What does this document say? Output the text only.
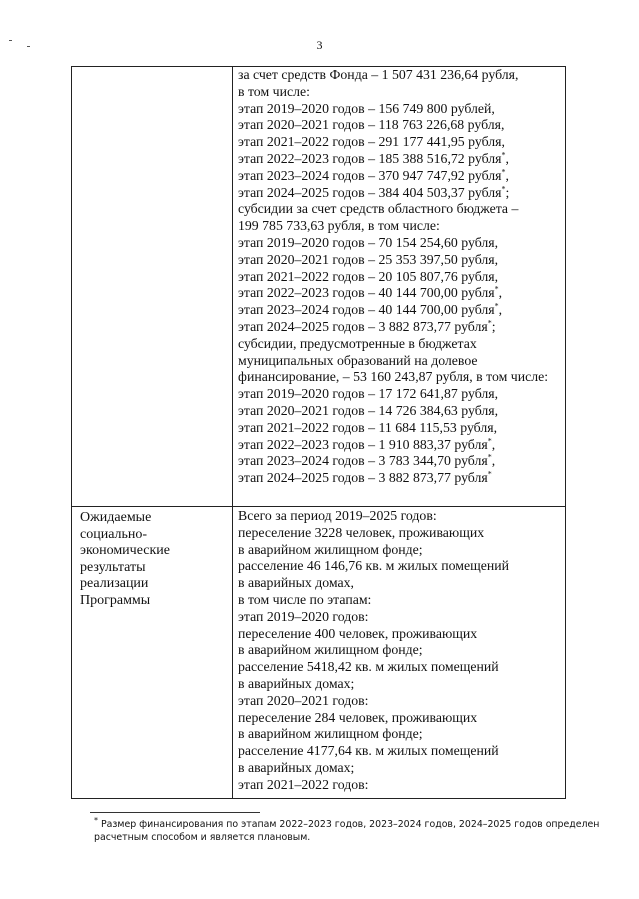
3
за счет средств Фонда – 1 507 431 236,64 рубля,
в том числе:
этап 2019–2020 годов – 156 749 800 рублей,
этап 2020–2021 годов – 118 763 226,68 рубля,
этап 2021–2022 годов – 291 177 441,95 рубля,
этап 2022–2023 годов – 185 388 516,72 рубля*,
этап 2023–2024 годов – 370 947 747,92 рубля*,
этап 2024–2025 годов – 384 404 503,37 рубля*;
субсидии за счет средств областного бюджета –
199 785 733,63 рубля, в том числе:
этап 2019–2020 годов – 70 154 254,60 рубля,
этап 2020–2021 годов – 25 353 397,50 рубля,
этап 2021–2022 годов – 20 105 807,76 рубля,
этап 2022–2023 годов – 40 144 700,00 рубля*,
этап 2023–2024 годов – 40 144 700,00 рубля*,
этап 2024–2025 годов – 3 882 873,77 рубля*;
субсидии, предусмотренные в бюджетах
муниципальных образований на долевое
финансирование, – 53 160 243,87 рубля, в том числе:
этап 2019–2020 годов – 17 172 641,87 рубля,
этап 2020–2021 годов – 14 726 384,63 рубля,
этап 2021–2022 годов – 11 684 115,53 рубля,
этап 2022–2023 годов – 1 910 883,37 рубля*,
этап 2023–2024 годов – 3 783 344,70 рубля*,
этап 2024–2025 годов – 3 882 873,77 рубля*
Ожидаемые
социально-
экономические
результаты
реализации
Программы
Всего за период 2019–2025 годов:
переселение 3228 человек, проживающих
в аварийном жилищном фонде;
расселение 46 146,76 кв. м жилых помещений
в аварийных домах,
в том числе по этапам:
этап 2019–2020 годов:
переселение 400 человек, проживающих
в аварийном жилищном фонде;
расселение 5418,42 кв. м жилых помещений
в аварийных домах;
этап 2020–2021 годов:
переселение 284 человек, проживающих
в аварийном жилищном фонде;
расселение 4177,64 кв. м жилых помещений
в аварийных домах;
этап 2021–2022 годов:
* Размер финансирования по этапам 2022–2023 годов, 2023–2024 годов, 2024–2025 годов определен
расчетным способом и является плановым.
